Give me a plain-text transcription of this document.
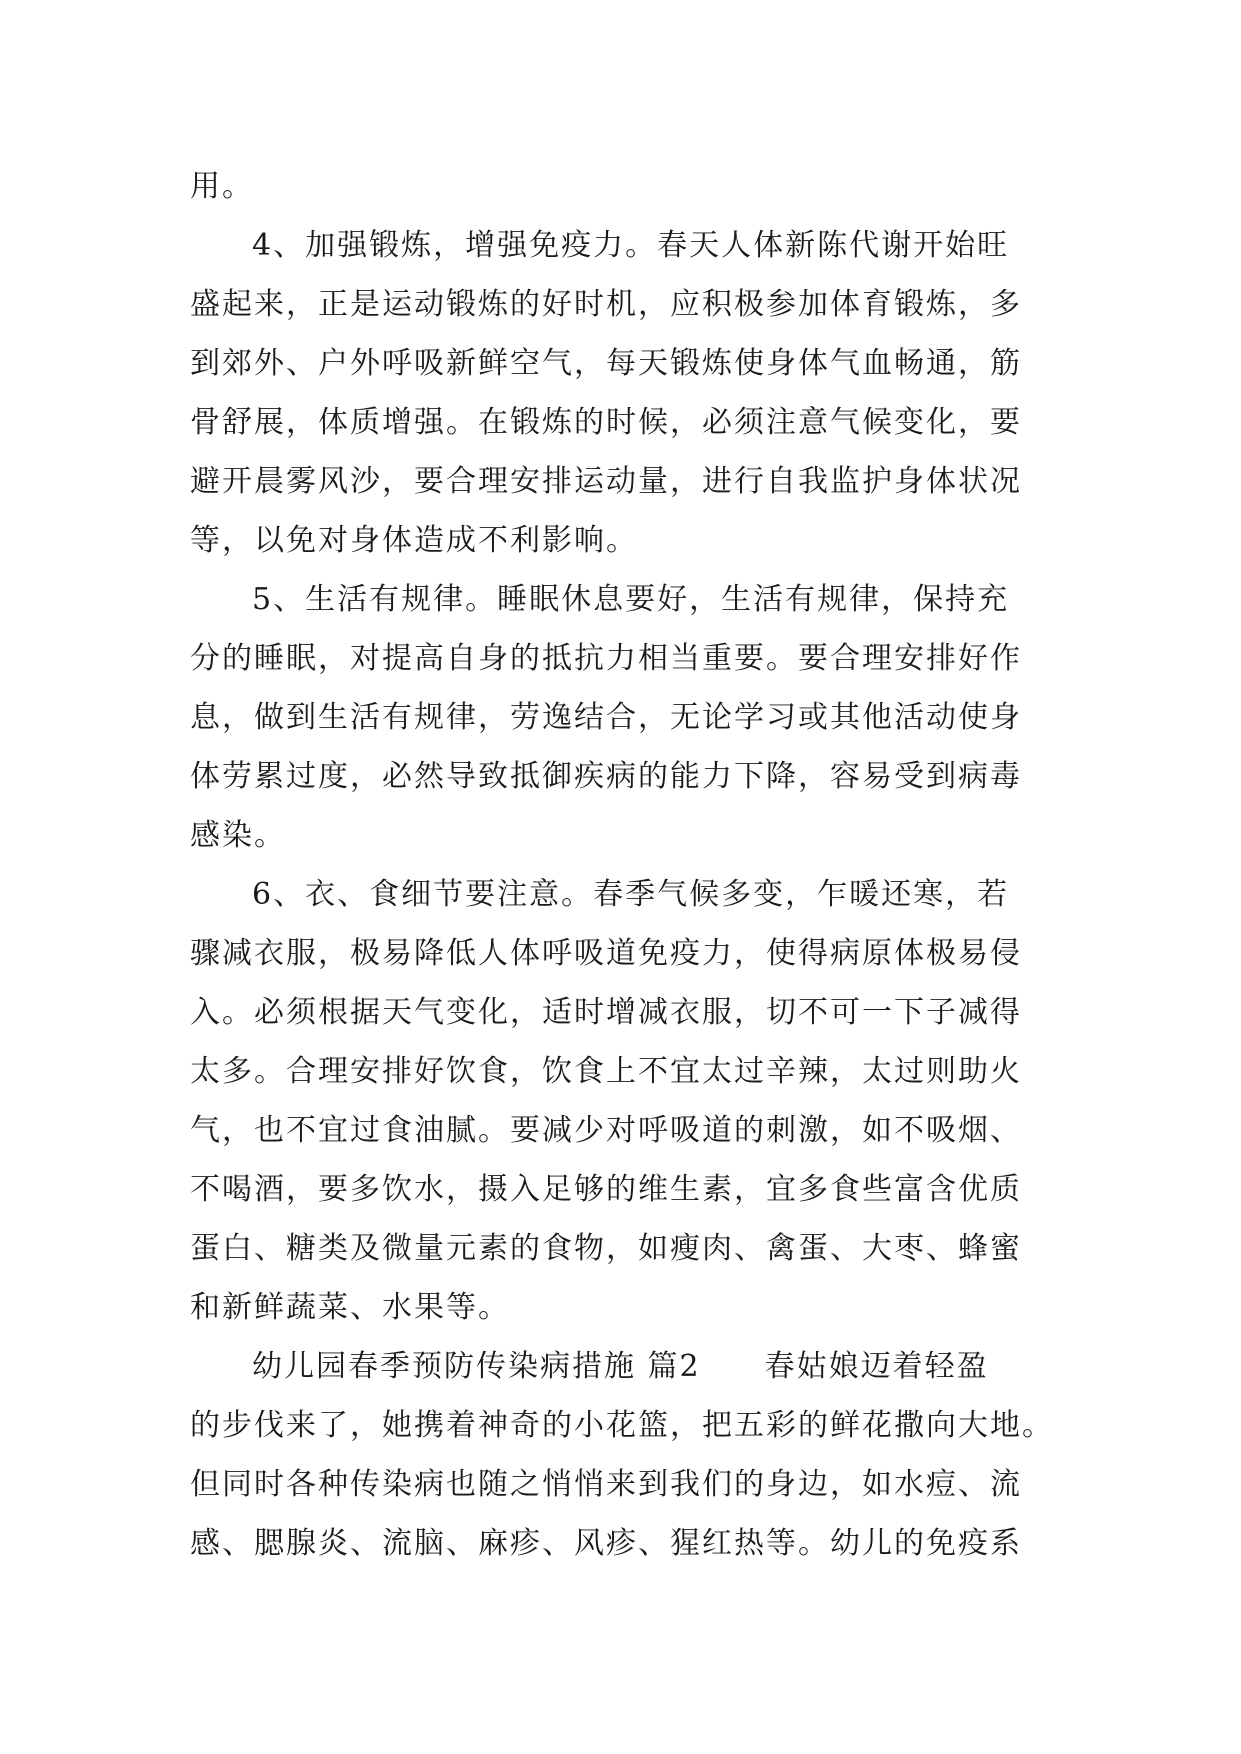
用。
4、加强锻炼，增强免疫力。春天人体新陈代谢开始旺
盛起来，正是运动锻炼的好时机，应积极参加体育锻炼，多
到郊外、户外呼吸新鲜空气，每天锻炼使身体气血畅通，筋
骨舒展，体质增强。在锻炼的时候，必须注意气候变化，要
避开晨雾风沙，要合理安排运动量，进行自我监护身体状况
等，以免对身体造成不利影响。
5、生活有规律。睡眠休息要好，生活有规律，保持充
分的睡眠，对提高自身的抵抗力相当重要。要合理安排好作
息，做到生活有规律，劳逸结合，无论学习或其他活动使身
体劳累过度，必然导致抵御疾病的能力下降，容易受到病毒
感染。
6、衣、食细节要注意。春季气候多变，乍暖还寒，若
骤减衣服，极易降低人体呼吸道免疫力，使得病原体极易侵
入。必须根据天气变化，适时增减衣服，切不可一下子减得
太多。合理安排好饮食，饮食上不宜太过辛辣，太过则助火
气，也不宜过食油腻。要减少对呼吸道的刺激，如不吸烟、
不喝酒，要多饮水，摄入足够的维生素，宜多食些富含优质
蛋白、糖类及微量元素的食物，如瘦肉、禽蛋、大枣、蜂蜜
和新鲜蔬菜、水果等。
幼儿园春季预防传染病措施 篇2　　春姑娘迈着轻盈
的步伐来了，她携着神奇的小花篮，把五彩的鲜花撒向大地。
但同时各种传染病也随之悄悄来到我们的身边，如水痘、流
感、腮腺炎、流脑、麻疹、风疹、猩红热等。幼儿的免疫系
